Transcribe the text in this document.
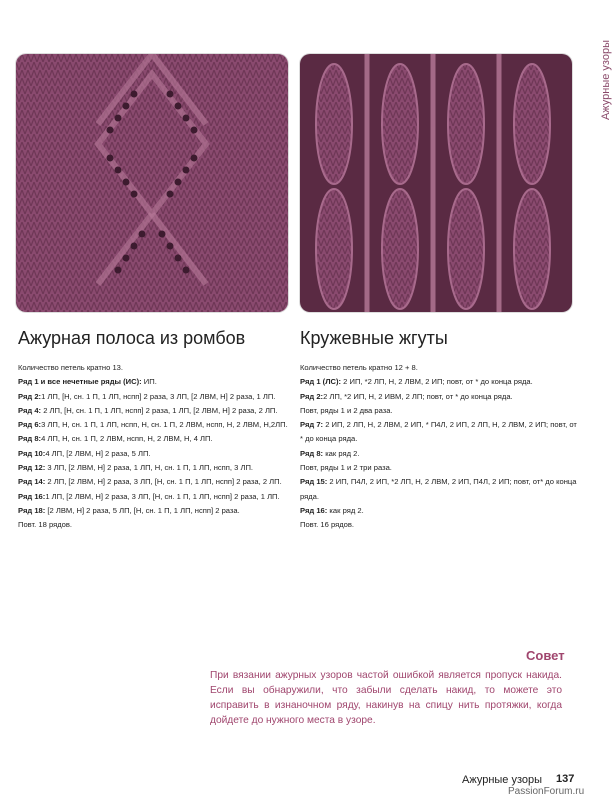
Ажурные узоры
Ажурная полоса из ромбов	Кружевные жгуты
Количество петель кратно 13.
Ряд 1 и все нечетные ряды (ИС): ИП.
Ряд 2:1 ЛП, [Н, сн. 1 П, 1 ЛП, нспп] 2 раза, 3 ЛП, [2 ЛВМ, Н] 2 раза, 1 ЛП.
Ряд 4: 2 ЛП, [Н, сн. 1 П, 1 ЛП, нспп] 2 раза, 1 ЛП, [2 ЛВМ, Н] 2 раза, 2 ЛП.
Ряд 6:3 ЛП, Н, сн. 1 П, 1 ЛП, нспп, Н, сн. 1 П, 2 ЛВМ, нспп, Н, 2 ЛВМ, Н,2ЛП.
Ряд 8:4 ЛП, Н, сн. 1 П, 2 ЛВМ, нспп, Н, 2 ЛВМ, Н, 4 ЛП.
Ряд 10:4 ЛП, [2 ЛВМ, Н] 2 раза, 5 ЛП.
Ряд 12: 3 ЛП, [2 ЛВМ, Н] 2 раза, 1 ЛП, Н, сн. 1 П, 1 ЛП, нспп, 3 ЛП.
Ряд 14: 2 ЛП, [2 ЛВМ, Н] 2 раза, 3 ЛП, [Н, сн. 1 П, 1 ЛП, нспп] 2 раза, 2 ЛП.
Ряд 16:1 ЛП, [2 ЛВМ, Н] 2 раза, 3 ЛП, [Н, сн. 1 П, 1 ЛП, нспп] 2 раза, 1 ЛП.
Ряд 18: [2 ЛВМ, Н] 2 раза, 5 ЛП, [Н, сн. 1 П, 1 ЛП, нспп] 2 раза.
Повт. 18 рядов.
Количество петель кратно 12 + 8.
Ряд 1 (ЛС): 2 ИП, *2 ЛП, Н, 2 ЛВМ, 2 ИП; повт, от * до конца ряда.
Ряд 2:2 ЛП, *2 ИП, Н, 2 ИВМ, 2 ЛП; повт, от * до конца ряда.
Повт, ряды 1 и 2 два раза.
Ряд 7: 2 ИП, 2 ЛП, Н, 2 ЛВМ, 2 ИП, * П4Л, 2 ИП, 2 ЛП, Н, 2 ЛВМ, 2 ИП; повт, от * до конца ряда.
Ряд 8: как ряд 2.
Повт, ряды 1 и 2 три раза.
Ряд 15: 2 ИП, П4Л, 2 ИП, *2 ЛП, Н, 2 ЛВМ, 2 ИП, П4Л, 2 ИП; повт, от* до конца ряда.
Ряд 16: как ряд 2.
Повт. 16 рядов.
Совет
При вязании ажурных узоров частой ошибкой является пропуск накида. Если вы обнаружили, что забыли сделать накид, то можете это исправить в изнаночном ряду, накинув на спицу нить протяжки, когда дойдете до нужного места в узоре.
Ажурные узоры 137
PassionForum.ru
